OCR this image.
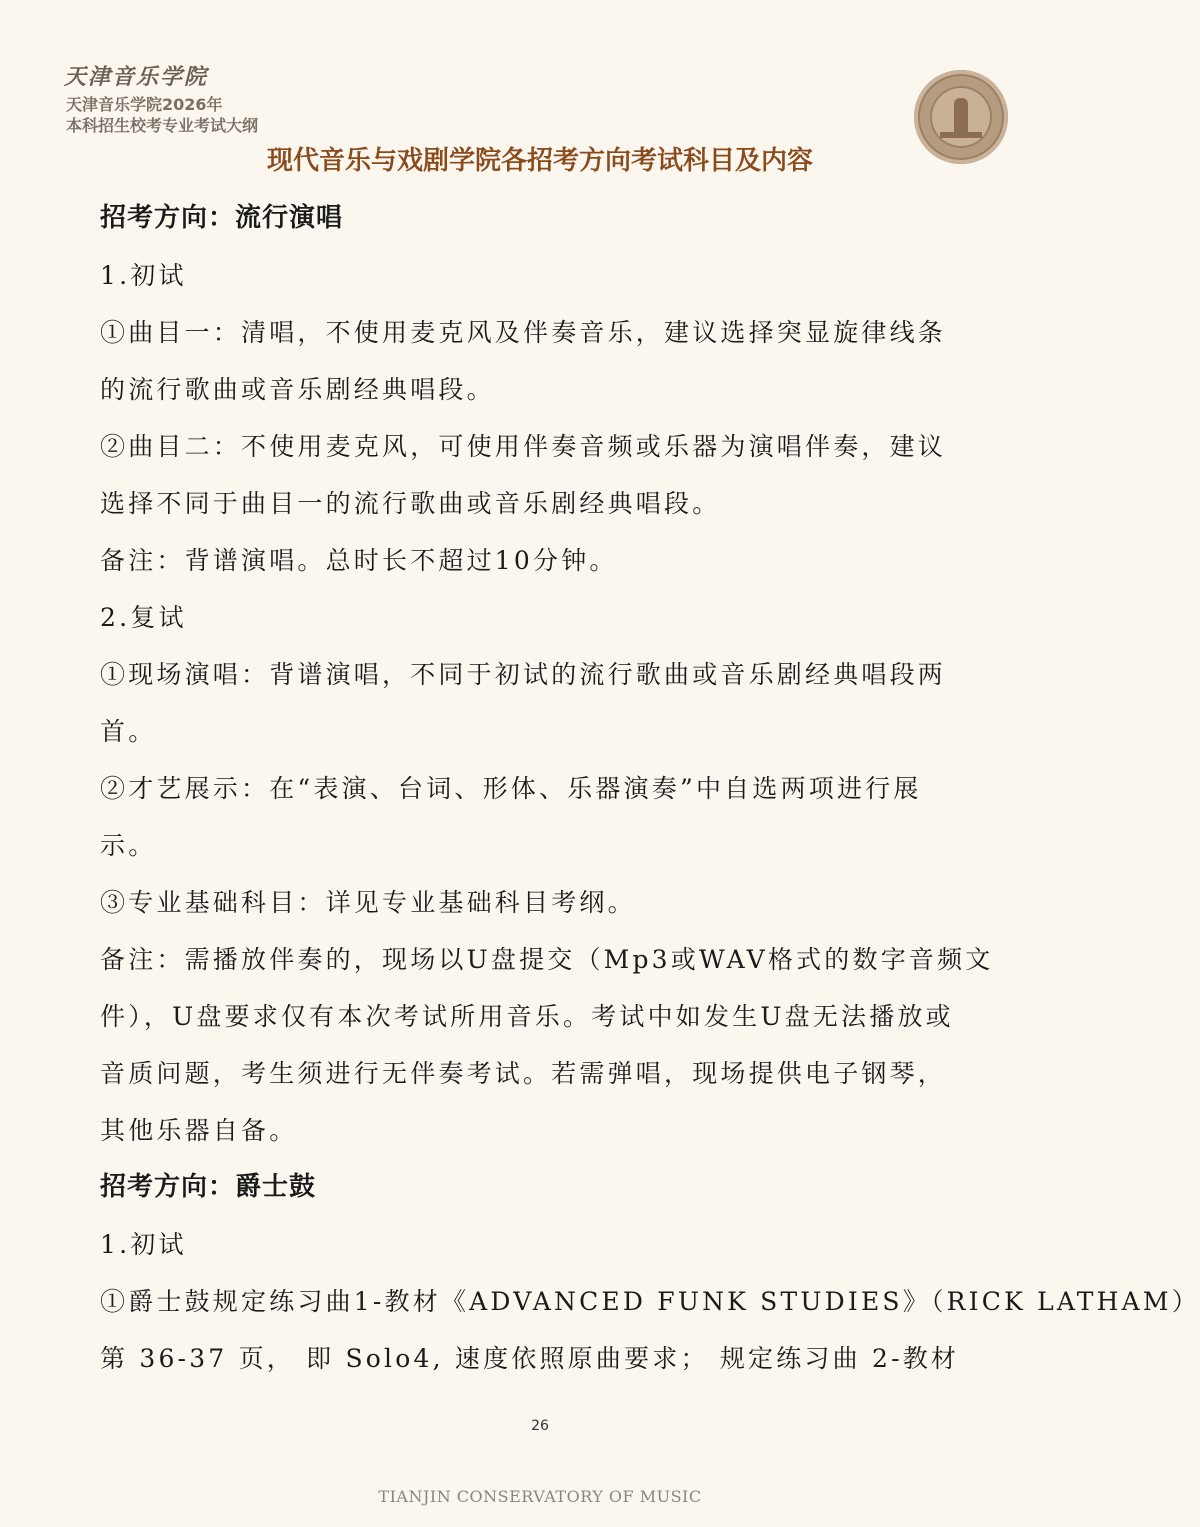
天津音乐学院
天津音乐学院2026年
本科招生校考专业考试大纲
现代音乐与戏剧学院各招考方向考试科目及内容
招考方向：流行演唱
1.初试
①曲目一：清唱，不使用麦克风及伴奏音乐，建议选择突显旋律线条
的流行歌曲或音乐剧经典唱段。
②曲目二：不使用麦克风，可使用伴奏音频或乐器为演唱伴奏，建议
选择不同于曲目一的流行歌曲或音乐剧经典唱段。
备注：背谱演唱。总时长不超过10分钟。
2.复试
①现场演唱：背谱演唱，不同于初试的流行歌曲或音乐剧经典唱段两
首。
②才艺展示：在“表演、台词、形体、乐器演奏”中自选两项进行展
示。
③专业基础科目：详见专业基础科目考纲。
备注：需播放伴奏的，现场以U盘提交（Mp3或WAV格式的数字音频文
件），U盘要求仅有本次考试所用音乐。考试中如发生U盘无法播放或
音质问题，考生须进行无伴奏考试。若需弹唱，现场提供电子钢琴，
其他乐器自备。
招考方向：爵士鼓
1.初试
①爵士鼓规定练习曲1-教材《ADVANCED FUNK STUDIES》（RICK LATHAM）
第 36-37 页， 即 Solo4, 速度依照原曲要求； 规定练习曲 2-教材
26
TIANJIN CONSERVATORY OF MUSIC
